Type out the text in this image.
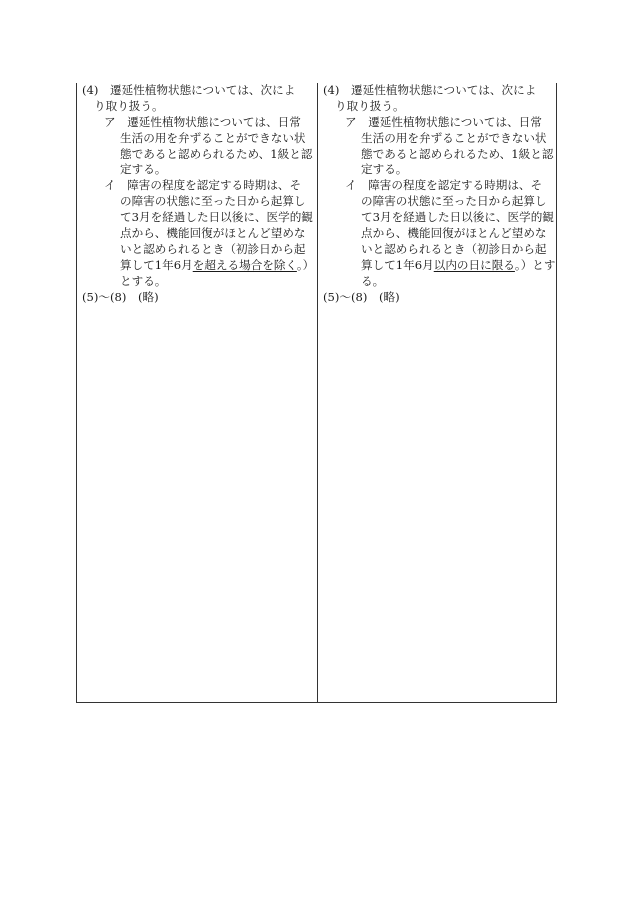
(4)　遷延性植物状態については、次によ
り取り扱う。
ア　遷延性植物状態については、日常
生活の用を弁ずることができない状
態であると認められるため、1級と認
定する。
イ　障害の程度を認定する時期は、そ
の障害の状態に至った日から起算し
て3月を経過した日以後に、医学的観
点から、機能回復がほとんど望めな
いと認められるとき（初診日から起
算して1年6月を超える場合を除く。）
とする。
(5)～(8)　(略)
(4)　遷延性植物状態については、次によ
り取り扱う。
ア　遷延性植物状態については、日常
生活の用を弁ずることができない状
態であると認められるため、1級と認
定する。
イ　障害の程度を認定する時期は、そ
の障害の状態に至った日から起算し
て3月を経過した日以後に、医学的観
点から、機能回復がほとんど望めな
いと認められるとき（初診日から起
算して1年6月以内の日に限る。）とす
る。
(5)～(8)　(略)
